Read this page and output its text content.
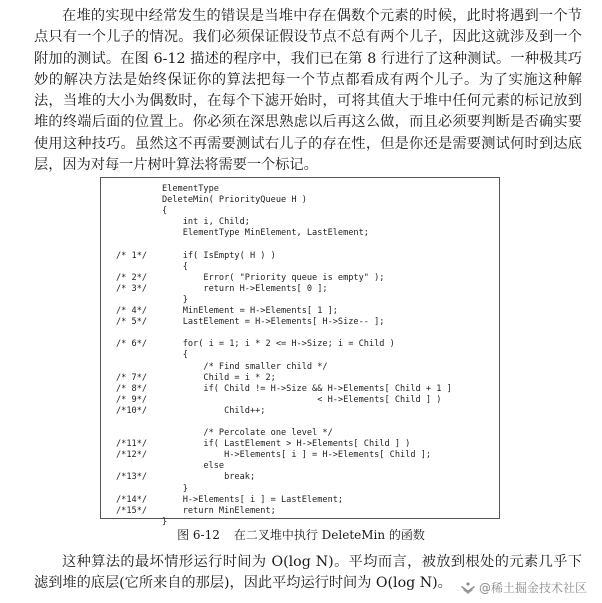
在堆的实现中经常发生的错误是当堆中存在偶数个元素的时候，此时将遇到一个节点只有一个儿子的情况。我们必须保证假设节点不总有两个儿子，因此这就涉及到一个附加的测试。在图 6-12 描述的程序中，我们已在第 8 行进行了这种测试。一种极其巧妙的解决方法是始终保证你的算法把每一个节点都看成有两个儿子。为了实施这种解法，当堆的大小为偶数时，在每个下滤开始时，可将其值大于堆中任何元素的标记放到堆的终端后面的位置上。你必须在深思熟虑以后再这么做，而且必须要判断是否确实要使用这种技巧。虽然这不再需要测试右儿子的存在性，但是你还是需要测试何时到达底层，因为对每一片树叶算法将需要一个标记。

/* 1*/

/* 2*/
/* 3*/

/* 4*/
/* 5*/

/* 6*/

/* 7*/
/* 8*/
/* 9*/
/*10*/

/*11*/
/*12*/

/*13*/

/*14*/
/*15*/

ElementType
DeleteMin( PriorityQueue H )
{
int i, Child;
ElementType MinElement, LastElement;

if( IsEmpty( H ) )
{
Error( "Priority queue is empty" );
return H->Elements[ 0 ];
}
MinElement = H->Elements[ 1 ];
LastElement = H->Elements[ H->Size-- ];

for( i = 1; i * 2 <= H->Size; i = Child )
{
/* Find smaller child */
Child = i * 2;
if( Child != H->Size && H->Elements[ Child + 1 ]
< H->Elements[ Child ] )
Child++;

/* Percolate one level */
if( LastElement > H->Elements[ Child ] )
H->Elements[ i ] = H->Elements[ Child ];
else
break;
}
H->Elements[ i ] = LastElement;
return MinElement;
}
图 6-12 在二叉堆中执行 DeleteMin 的函数

这种算法的最坏情形运行时间为 O(log N)。平均而言，被放到根处的元素几乎下滤到堆的底层(它所来自的那层)，因此平均运行时间为 O(log N)。	@稀土掘金技术社区
